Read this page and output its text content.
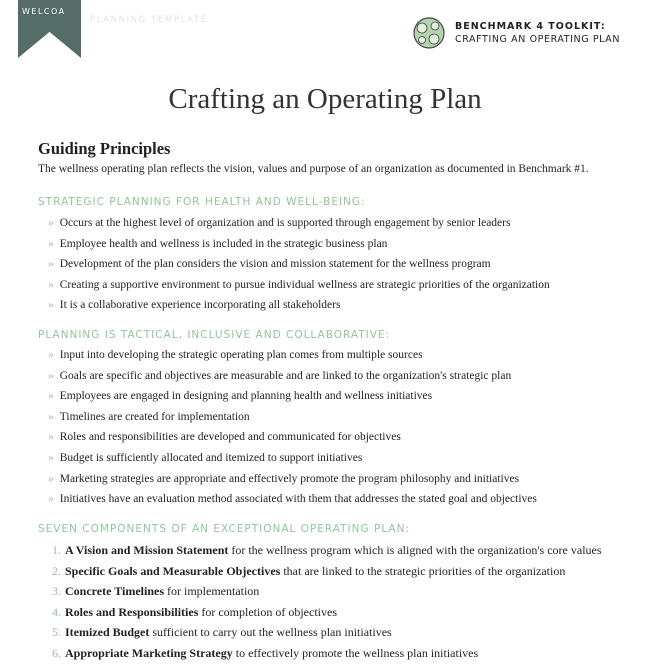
WELCOA
PLANNING TEMPLATE
BENCHMARK 4 TOOLKIT:
CRAFTING AN OPERATING PLAN
Crafting an Operating Plan
Guiding Principles
The wellness operating plan reflects the vision, values and purpose of an organization as documented in Benchmark #1.
STRATEGIC PLANNING FOR HEALTH AND WELL-BEING:
» Occurs at the highest level of organization and is supported through engagement by senior leaders
» Employee health and wellness is included in the strategic business plan
» Development of the plan considers the vision and mission statement for the wellness program
» Creating a supportive environment to pursue individual wellness are strategic priorities of the organization
» It is a collaborative experience incorporating all stakeholders
PLANNING IS TACTICAL, INCLUSIVE AND COLLABORATIVE:
» Input into developing the strategic operating plan comes from multiple sources
» Goals are specific and objectives are measurable and are linked to the organization's strategic plan
» Employees are engaged in designing and planning health and wellness initiatives
» Timelines are created for implementation
» Roles and responsibilities are developed and communicated for objectives
» Budget is sufficiently allocated and itemized to support initiatives
» Marketing strategies are appropriate and effectively promote the program philosophy and initiatives
» Initiatives have an evaluation method associated with them that addresses the stated goal and objectives
SEVEN COMPONENTS OF AN EXCEPTIONAL OPERATING PLAN:
1. A Vision and Mission Statement for the wellness program which is aligned with the organization's core values
2. Specific Goals and Measurable Objectives that are linked to the strategic priorities of the organization
3. Concrete Timelines for implementation
4. Roles and Responsibilities for completion of objectives
5. Itemized Budget sufficient to carry out the wellness plan initiatives
6. Appropriate Marketing Strategy to effectively promote the wellness plan initiatives
